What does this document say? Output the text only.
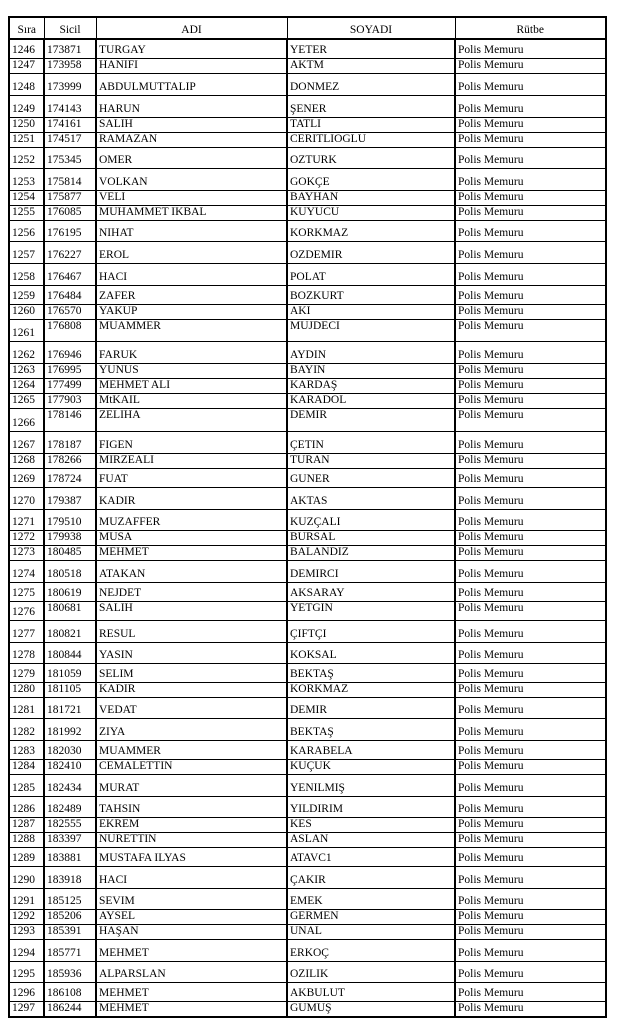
Sıra	Sicil	ADI	SOYADI	Rütbe
1246	173871	TURGAY	YETER	Polis Memuru
1247	173958	HANIFI	AKTM	Polis Memuru
1248	173999	ABDULMUTTALIP	DONMEZ	Polis Memuru
1249	174143	HARUN	ŞENER	Polis Memuru
1250	174161	SALIH	TATLI	Polis Memuru
1251	174517	RAMAZAN	CERITLIOGLU	Polis Memuru
1252	175345	OMER	OZTURK	Polis Memuru
1253	175814	VOLKAN	GOKÇE	Polis Memuru
1254	175877	VELI	BAYHAN	Polis Memuru
1255	176085	MUHAMMET IKBAL	KUYUCU	Polis Memuru
1256	176195	NIHAT	KORKMAZ	Polis Memuru
1257	176227	EROL	OZDEMIR	Polis Memuru
1258	176467	HACI	POLAT	Polis Memuru
1259	176484	ZAFER	BOZKURT	Polis Memuru
1260	176570	YAKUP	AKI	Polis Memuru
1261	176808	MUAMMER	MUJDECI	Polis Memuru
1262	176946	FARUK	AYDIN	Polis Memuru
1263	176995	YUNUS	BAYIN	Polis Memuru
1264	177499	MEHMET ALI	KARDAŞ	Polis Memuru
1265	177903	MtKAIL	KARADOL	Polis Memuru
1266	178146	ZELIHA	DEMIR	Polis Memuru
1267	178187	FIGEN	ÇETIN	Polis Memuru
1268	178266	MIRZEALI	TURAN	Polis Memuru
1269	178724	FUAT	GUNER	Polis Memuru
1270	179387	KADIR	AKTAS	Polis Memuru
1271	179510	MUZAFFER	KUZÇALI	Polis Memuru
1272	179938	MUSA	BURSAL	Polis Memuru
1273	180485	MEHMET	BALANDIZ	Polis Memuru
1274	180518	ATAKAN	DEMIRCI	Polis Memuru
1275	180619	NEJDET	AKSARAY	Polis Memuru
1276	180681	SALIH	YETGIN	Polis Memuru
1277	180821	RESUL	ÇIFTÇI	Polis Memuru
1278	180844	YASIN	KOKSAL	Polis Memuru
1279	181059	SELIM	BEKTAŞ	Polis Memuru
1280	181105	KADIR	KORKMAZ	Polis Memuru
1281	181721	VEDAT	DEMIR	Polis Memuru
1282	181992	ZIYA	BEKTAŞ	Polis Memuru
1283	182030	MUAMMER	KARABELA	Polis Memuru
1284	182410	CEMALETTIN	KUÇUK	Polis Memuru
1285	182434	MURAT	YENILMIŞ	Polis Memuru
1286	182489	TAHSIN	YILDIRIM	Polis Memuru
1287	182555	EKREM	KES	Polis Memuru
1288	183397	NURETTIN	ASLAN	Polis Memuru
1289	183881	MUSTAFA ILYAS	ATAVC1	Polis Memuru
1290	183918	HACI	ÇAKIR	Polis Memuru
1291	185125	SEVIM	EMEK	Polis Memuru
1292	185206	AYSEL	GERMEN	Polis Memuru
1293	185391	HAŞAN	UNAL	Polis Memuru
1294	185771	MEHMET	ERKOÇ	Polis Memuru
1295	185936	ALPARSLAN	OZILIK	Polis Memuru
1296	186108	MEHMET	AKBULUT	Polis Memuru
1297	186244	MEHMET	GUMUŞ	Polis Memuru
